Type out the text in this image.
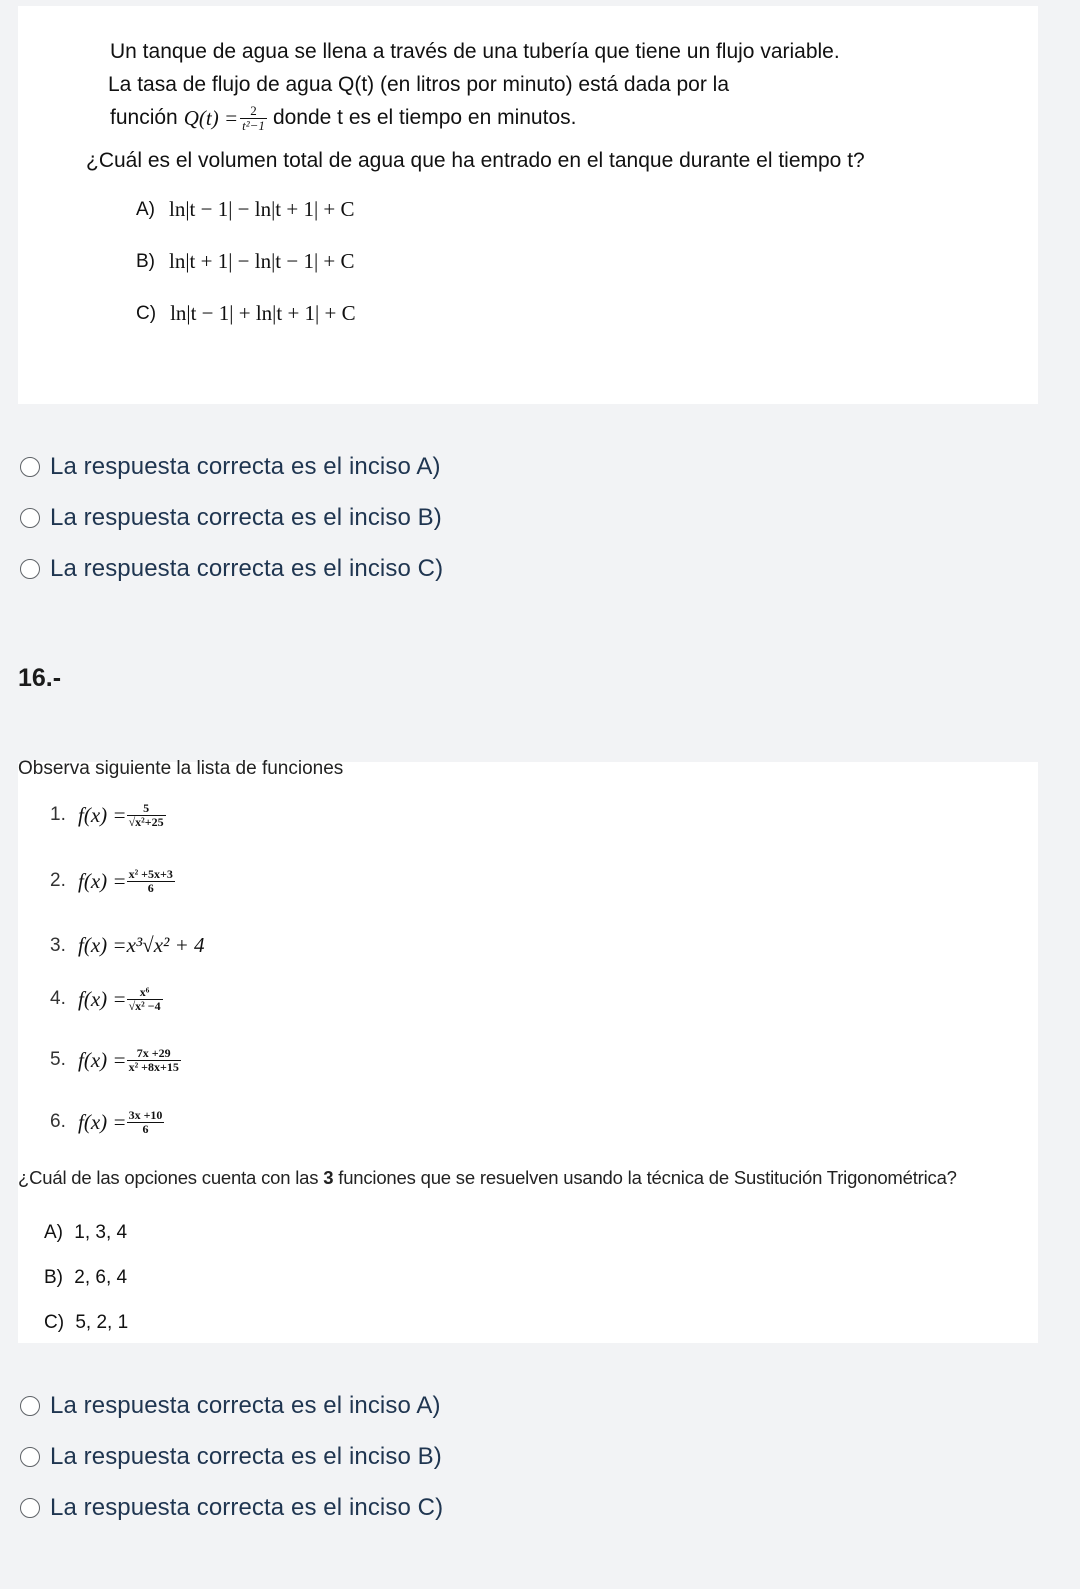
Un tanque de agua se llena a través de una tubería que tiene un flujo variable.
La tasa de flujo de agua Q(t) (en litros por minuto) está dada por la
función $Q(t) = \frac{2}{\text{t²−1}}$ donde t es el tiempo en minutos.
¿Cuál es el volumen total de agua que ha entrado en el tanque durante el tiempo t?
A) ln|t − 1| − ln|t + 1| + C
B) ln|t + 1| − ln|t − 1| + C
C) ln|t − 1| + ln|t + 1| + C
La respuesta correcta es el inciso A)
La respuesta correcta es el inciso B)
La respuesta correcta es el inciso C)
16.-
Observa siguiente la lista de funciones
1. $f(x) = \frac{5}{\text{√x²+25}}$
2. $f(x) = \frac{\text{x² +5x+3}}{6}$
3. f(x) = x³√x² + 4
4. $f(x) = \frac{\text{x⁶}}{\text{√x² −4}}$
5. $f(x) = \frac{7x +29}{\text{x² +8x+15}}$
6. $f(x) = \frac{3x +10}{6}$
¿Cuál de las opciones cuenta con las 3 funciones que se resuelven usando la técnica de Sustitución Trigonométrica?
A) 1, 3, 4
B) 2, 6, 4
C) 5, 2, 1
La respuesta correcta es el inciso A)
La respuesta correcta es el inciso B)
La respuesta correcta es el inciso C)
